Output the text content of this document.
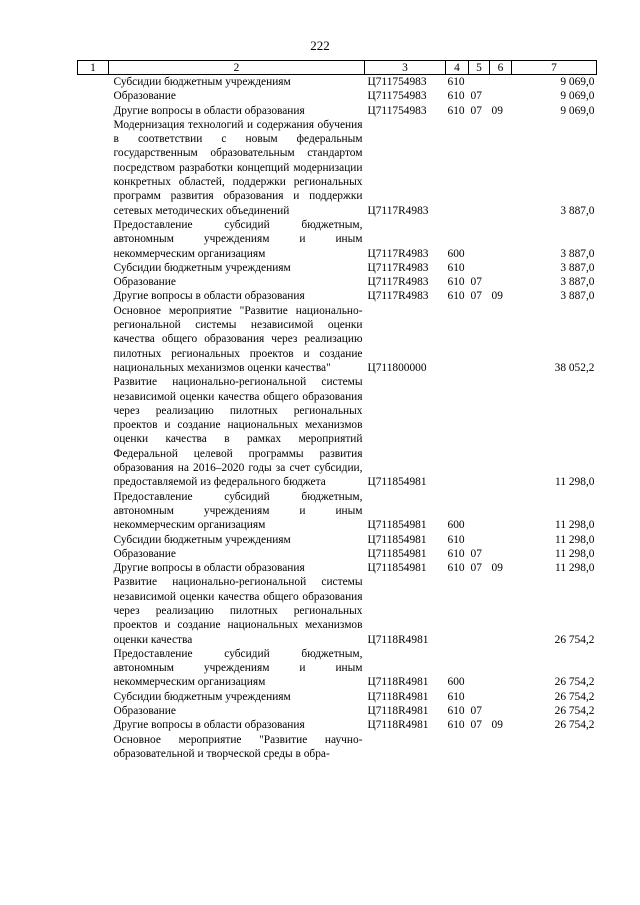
222
1	2	3	4	5	6	7
	Субсидии бюджетным учреждениям	Ц711754983	610			9 069,0
	Образование	Ц711754983	610	07		9 069,0
	Другие вопросы в области образования	Ц711754983	610	07	09	9 069,0
	Модернизация технологий и содержания обучения в соответствии с новым федеральным государственным образовательным стандартом посредством разработки концепций модернизации конкретных областей, поддержки региональных программ развития образования и поддержки сетевых методических объединений	Ц7117R4983				3 887,0
	Предоставление субсидий бюджетным, автономным учреждениям и иным некоммерческим организациям	Ц7117R4983	600			3 887,0
	Субсидии бюджетным учреждениям	Ц7117R4983	610			3 887,0
	Образование	Ц7117R4983	610	07		3 887,0
	Другие вопросы в области образования	Ц7117R4983	610	07	09	3 887,0
	Основное мероприятие "Развитие национально-региональной системы независимой оценки качества общего образования через реализацию пилотных региональных проектов и создание национальных механизмов оценки качества"	Ц711800000				38 052,2
	Развитие национально-региональной системы независимой оценки качества общего образования через реализацию пилотных региональных проектов и создание национальных механизмов оценки качества в рамках мероприятий Федеральной целевой программы развития образования на 2016–2020 годы за счет субсидии, предоставляемой из федерального бюджета	Ц711854981				11 298,0
	Предоставление субсидий бюджетным, автономным учреждениям и иным некоммерческим организациям	Ц711854981	600			11 298,0
	Субсидии бюджетным учреждениям	Ц711854981	610			11 298,0
	Образование	Ц711854981	610	07		11 298,0
	Другие вопросы в области образования	Ц711854981	610	07	09	11 298,0
	Развитие национально-региональной системы независимой оценки качества общего образования через реализацию пилотных региональных проектов и создание национальных механизмов оценки качества	Ц7118R4981				26 754,2
	Предоставление субсидий бюджетным, автономным учреждениям и иным некоммерческим организациям	Ц7118R4981	600			26 754,2
	Субсидии бюджетным учреждениям	Ц7118R4981	610			26 754,2
	Образование	Ц7118R4981	610	07		26 754,2
	Другие вопросы в области образования	Ц7118R4981	610	07	09	26 754,2
	Основное мероприятие "Развитие научно-образовательной и творческой среды в обра-					
